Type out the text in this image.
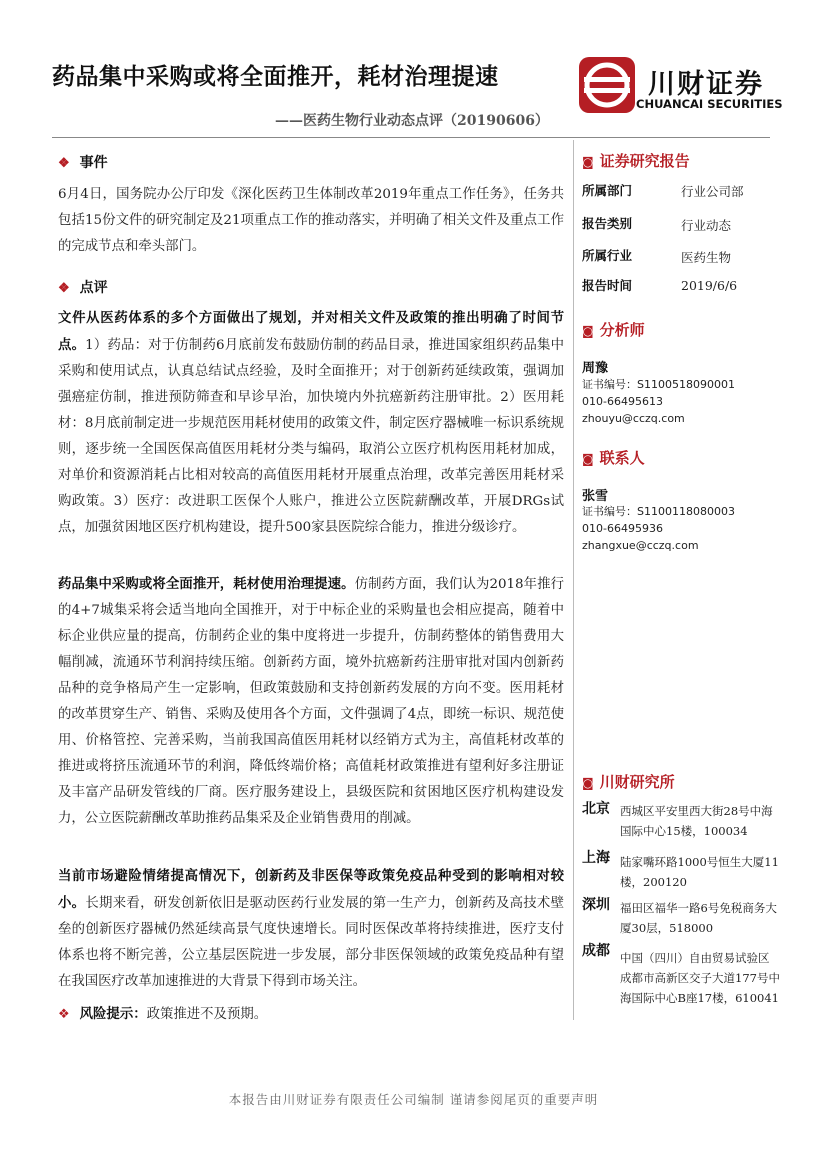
药品集中采购或将全面推开，耗材治理提速
——医药生物行业动态点评（20190606）
川财证券
CHUANCAI SECURITIES
❖ 事件
6月4日，国务院办公厅印发《深化医药卫生体制改革2019年重点工作任务》，任务共包括15份文件的研究制定及21项重点工作的推动落实，并明确了相关文件及重点工作的完成节点和牵头部门。
❖ 点评
文件从医药体系的多个方面做出了规划，并对相关文件及政策的推出明确了时间节点。1）药品：对于仿制药6月底前发布鼓励仿制的药品目录，推进国家组织药品集中采购和使用试点，认真总结试点经验，及时全面推开；对于创新药延续政策，强调加强癌症仿制，推进预防筛查和早诊早治，加快境内外抗癌新药注册审批。2）医用耗材：8月底前制定进一步规范医用耗材使用的政策文件，制定医疗器械唯一标识系统规则，逐步统一全国医保高值医用耗材分类与编码，取消公立医疗机构医用耗材加成，对单价和资源消耗占比相对较高的高值医用耗材开展重点治理，改革完善医用耗材采购政策。3）医疗：改进职工医保个人账户，推进公立医院薪酬改革，开展DRGs试点，加强贫困地区医疗机构建设，提升500家县医院综合能力，推进分级诊疗。
药品集中采购或将全面推开，耗材使用治理提速。仿制药方面，我们认为2018年推行的4+7城集采将会适当地向全国推开，对于中标企业的采购量也会相应提高，随着中标企业供应量的提高，仿制药企业的集中度将进一步提升，仿制药整体的销售费用大幅削减，流通环节利润持续压缩。创新药方面，境外抗癌新药注册审批对国内创新药品种的竞争格局产生一定影响，但政策鼓励和支持创新药发展的方向不变。医用耗材的改革贯穿生产、销售、采购及使用各个方面，文件强调了4点，即统一标识、规范使用、价格管控、完善采购，当前我国高值医用耗材以经销方式为主，高值耗材改革的推进或将挤压流通环节的利润，降低终端价格；高值耗材政策推进有望利好多注册证及丰富产品研发管线的厂商。医疗服务建设上，县级医院和贫困地区医疗机构建设发力，公立医院薪酬改革助推药品集采及企业销售费用的削减。
当前市场避险情绪提高情况下，创新药及非医保等政策免疫品种受到的影响相对较小。长期来看，研发创新依旧是驱动医药行业发展的第一生产力，创新药及高技术壁垒的创新医疗器械仍然延续高景气度快速增长。同时医保改革将持续推进，医疗支付体系也将不断完善，公立基层医院进一步发展，部分非医保领域的政策免疫品种有望在我国医疗改革加速推进的大背景下得到市场关注。
❖ 风险提示：政策推进不及预期。
◙ 证券研究报告
所属部门	行业公司部
报告类别	行业动态
所属行业	医药生物
报告时间	2019/6/6
◙ 分析师
周豫
证书编号：S1100518090001
010-66495613
zhouyu@cczq.com
◙ 联系人
张雪
证书编号：S1100118080003
010-66495936
zhangxue@cczq.com
◙ 川财研究所
北京 西城区平安里西大街28号中海国际中心15楼，100034
上海 陆家嘴环路1000号恒生大厦11楼，200120
深圳 福田区福华一路6号免税商务大厦30层，518000
成都 中国（四川）自由贸易试验区成都市高新区交子大道177号中海国际中心B座17楼，610041
本报告由川财证券有限责任公司编制 谨请参阅尾页的重要声明
